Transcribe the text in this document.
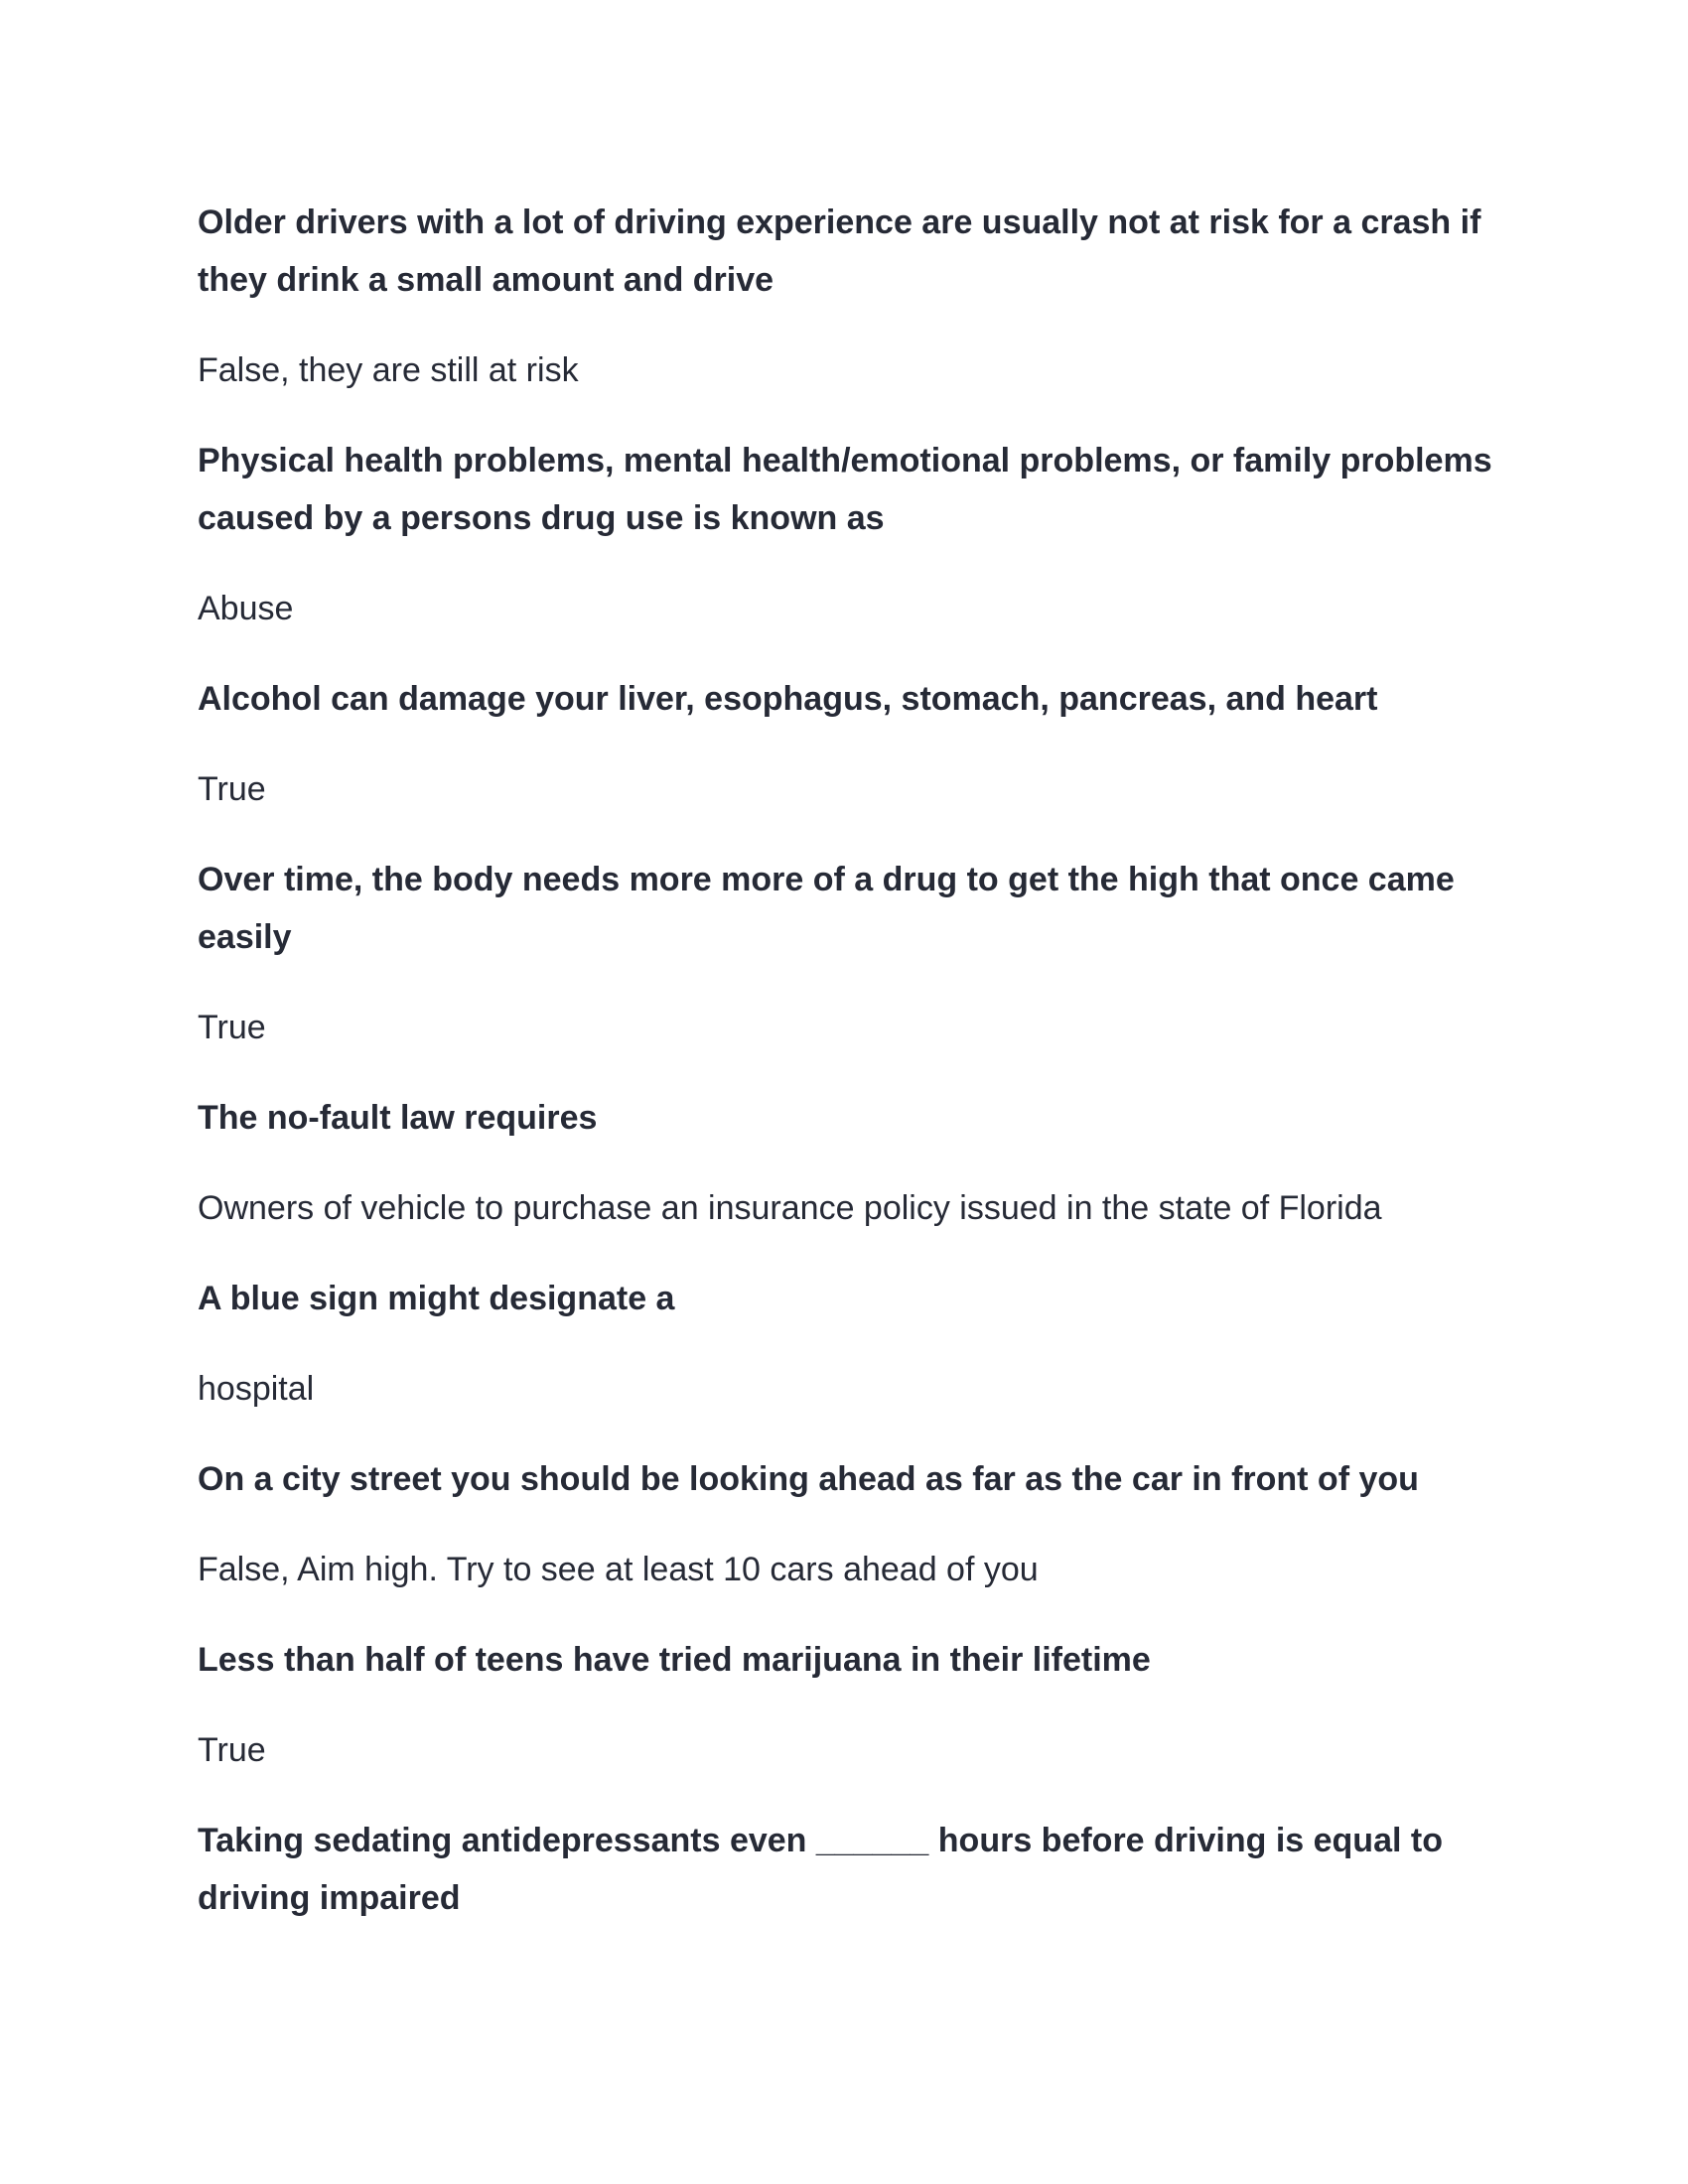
Older drivers with a lot of driving experience are usually not at risk for a crash if they drink a small amount and drive

False, they are still at risk

Physical health problems, mental health/emotional problems, or family problems caused by a persons drug use is known as

Abuse

Alcohol can damage your liver, esophagus, stomach, pancreas, and heart

True

Over time, the body needs more more of a drug to get the high that once came easily

True

The no-fault law requires

Owners of vehicle to purchase an insurance policy issued in the state of Florida

A blue sign might designate a

hospital

On a city street you should be looking ahead as far as the car in front of you

False, Aim high. Try to see at least 10 cars ahead of you

Less than half of teens have tried marijuana in their lifetime

True

Taking sedating antidepressants even ______ hours before driving is equal to driving impaired
